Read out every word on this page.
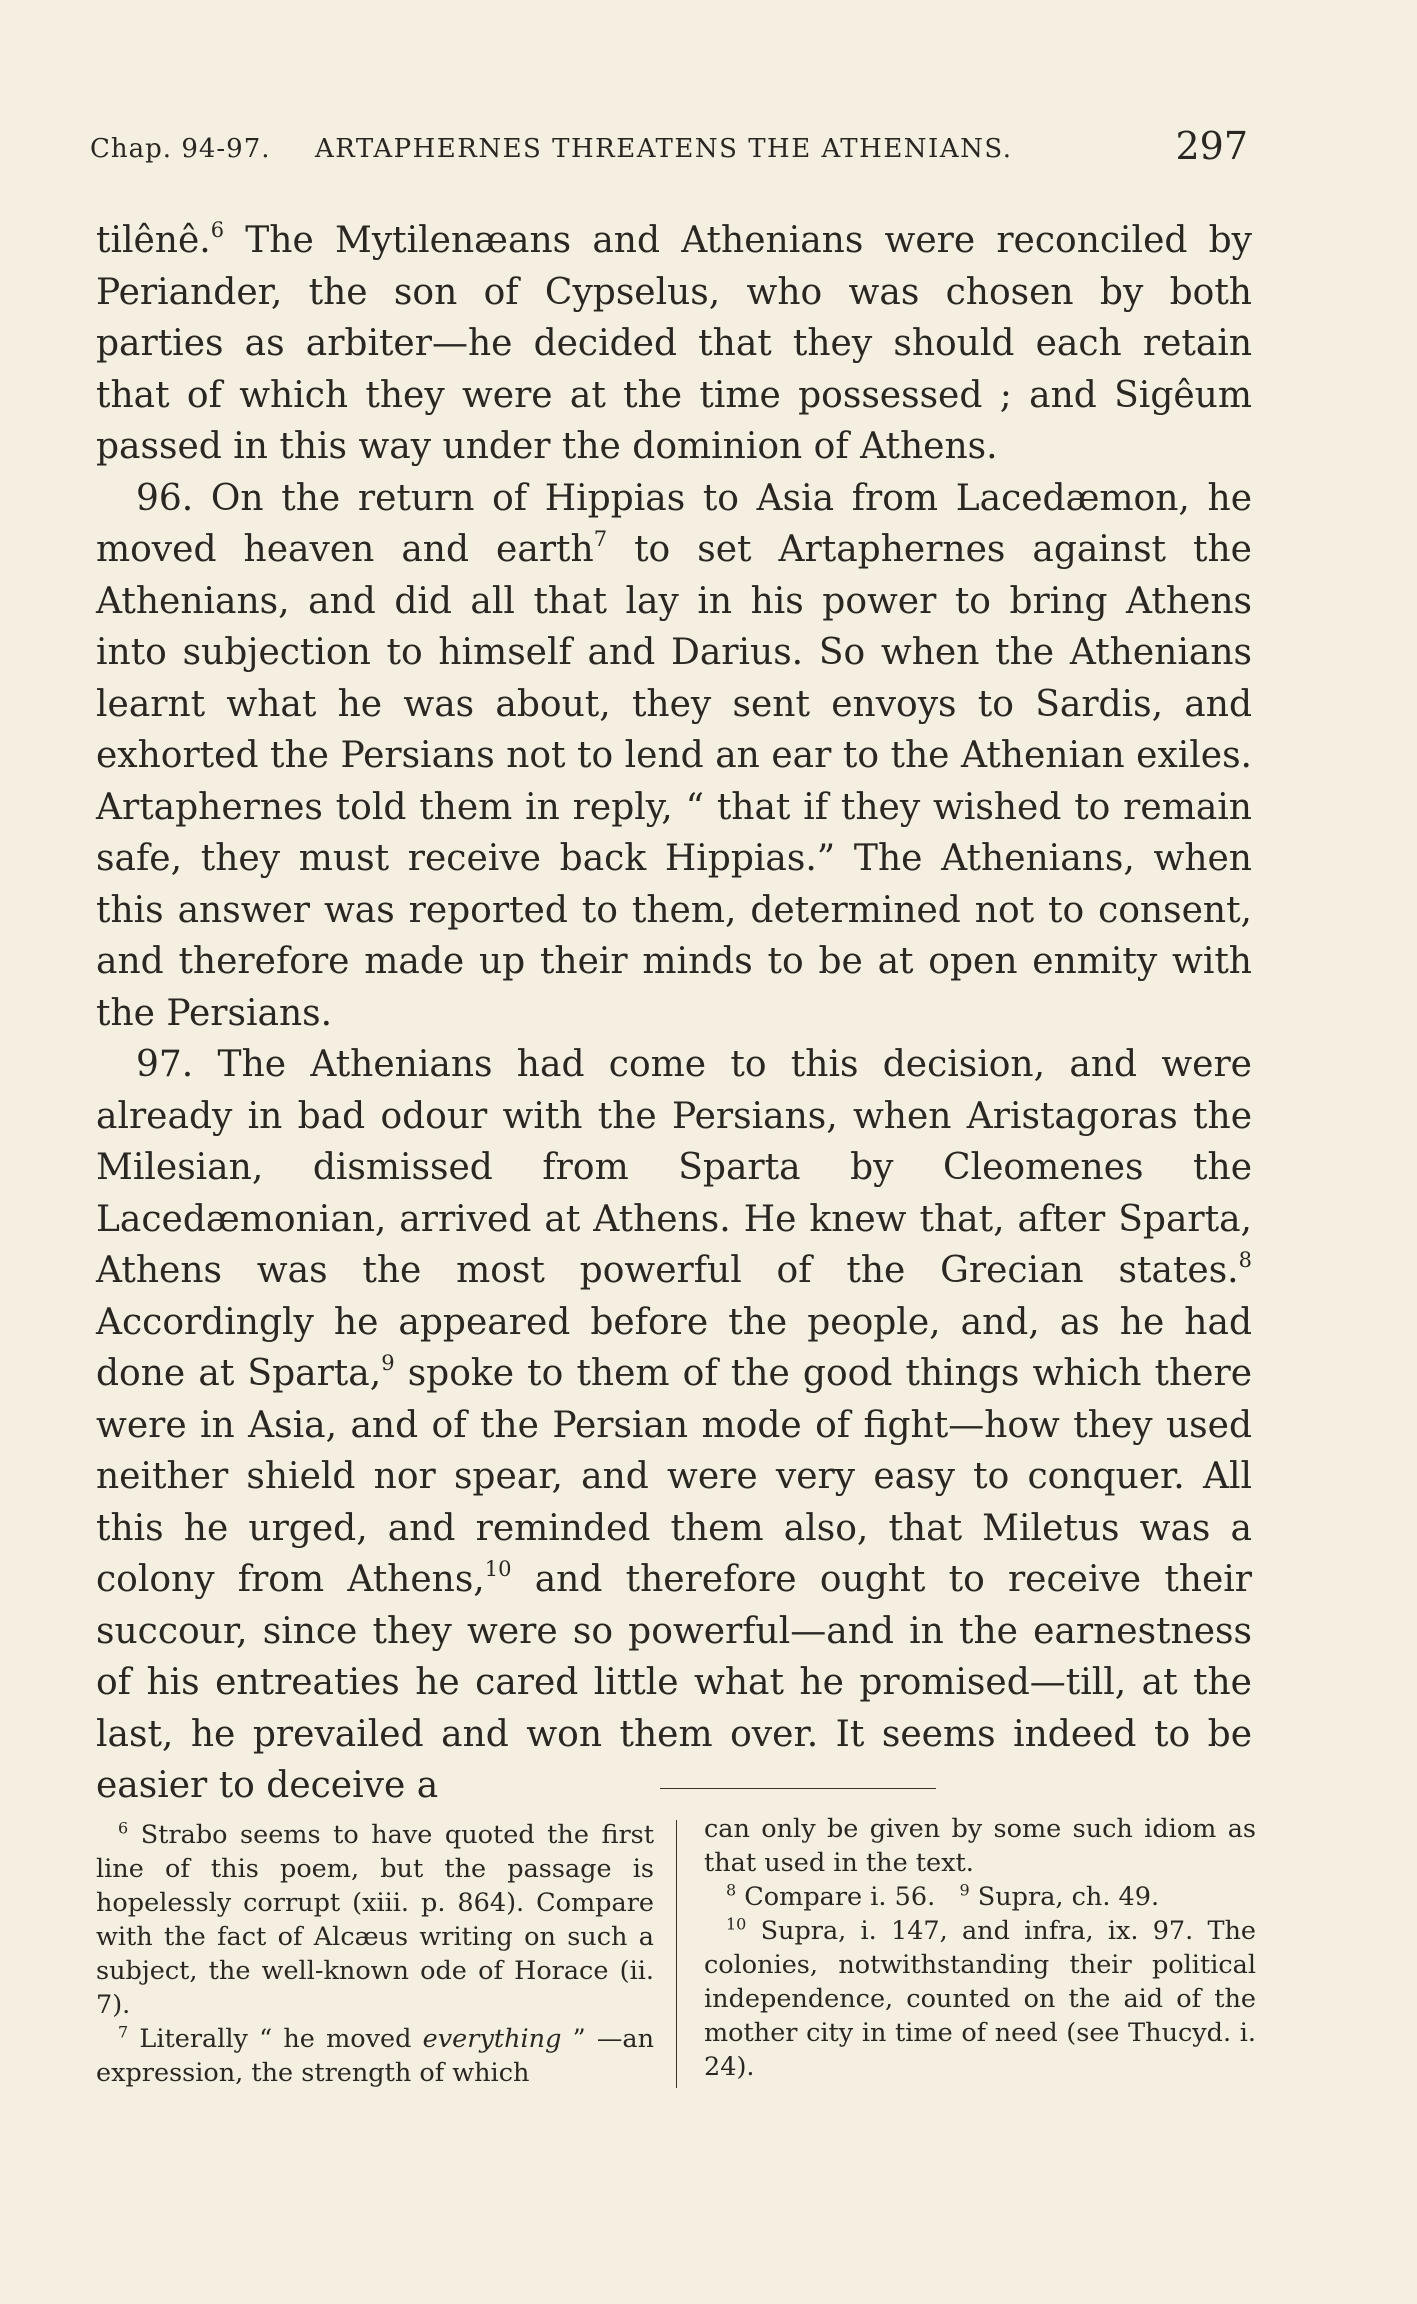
Chap. 94-97. ARTAPHERNES THREATENS THE ATHENIANS.	297

tilênê.$^6$ The Mytilenæans and Athenians were reconciled by Periander, the son of Cypselus, who was chosen by both parties as arbiter—he decided that they should each retain that of which they were at the time possessed ; and Sigêum passed in this way under the dominion of Athens.

96. On the return of Hippias to Asia from Lacedæmon, he moved heaven and earth$^7$ to set Artaphernes against the Athenians, and did all that lay in his power to bring Athens into subjection to himself and Darius. So when the Athenians learnt what he was about, they sent envoys to Sardis, and exhorted the Persians not to lend an ear to the Athenian exiles. Artaphernes told them in reply, “ that if they wished to remain safe, they must receive back Hippias.” The Athenians, when this answer was reported to them, determined not to consent, and therefore made up their minds to be at open enmity with the Persians.

97. The Athenians had come to this decision, and were already in bad odour with the Persians, when Aristagoras the Milesian, dismissed from Sparta by Cleomenes the Lacedæmonian, arrived at Athens. He knew that, after Sparta, Athens was the most powerful of the Grecian states.$^8$ Accordingly he appeared before the people, and, as he had done at Sparta,$^9$ spoke to them of the good things which there were in Asia, and of the Persian mode of fight—how they used neither shield nor spear, and were very easy to conquer. All this he urged, and reminded them also, that Miletus was a colony from Athens,$^{10}$ and therefore ought to receive their succour, since they were so powerful—and in the earnestness of his entreaties he cared little what he promised—till, at the last, he prevailed and won them over. It seems indeed to be easier to deceive a

$^6$ Strabo seems to have quoted the first line of this poem, but the passage is hopelessly corrupt (xiii. p. 864). Compare with the fact of Alcæus writing on such a subject, the well-known ode of Horace (ii. 7).

$^7$ Literally “ he moved everything ” —an expression, the strength of which

can only be given by some such idiom as that used in the text.

$^8$ Compare i. 56. $^9$ Supra, ch. 49.

$^{10}$ Supra, i. 147, and infra, ix. 97. The colonies, notwithstanding their political independence, counted on the aid of the mother city in time of need (see Thucyd. i. 24).
